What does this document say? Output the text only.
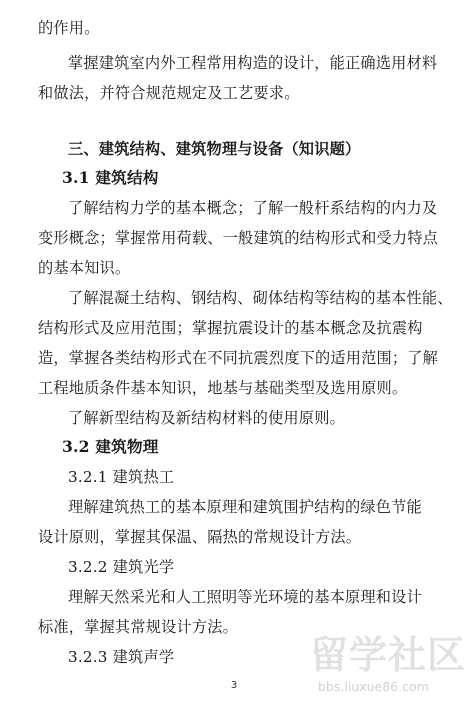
的作用。
掌握建筑室内外工程常用构造的设计，能正确选用材料
和做法，并符合规范规定及工艺要求。
三、建筑结构、建筑物理与设备（知识题）
3.1 建筑结构
了解结构力学的基本概念；了解一般杆系结构的内力及
变形概念；掌握常用荷载、一般建筑的结构形式和受力特点
的基本知识。
了解混凝土结构、钢结构、砌体结构等结构的基本性能、
结构形式及应用范围；掌握抗震设计的基本概念及抗震构
造，掌握各类结构形式在不同抗震烈度下的适用范围；了解
工程地质条件基本知识，地基与基础类型及选用原则。
了解新型结构及新结构材料的使用原则。
3.2 建筑物理
3.2.1 建筑热工
理解建筑热工的基本原理和建筑围护结构的绿色节能
设计原则，掌握其保温、隔热的常规设计方法。
3.2.2 建筑光学
理解天然采光和人工照明等光环境的基本原理和设计
标准，掌握其常规设计方法。
3.2.3 建筑声学
3
留学社区
bbs.liuxue86.com
